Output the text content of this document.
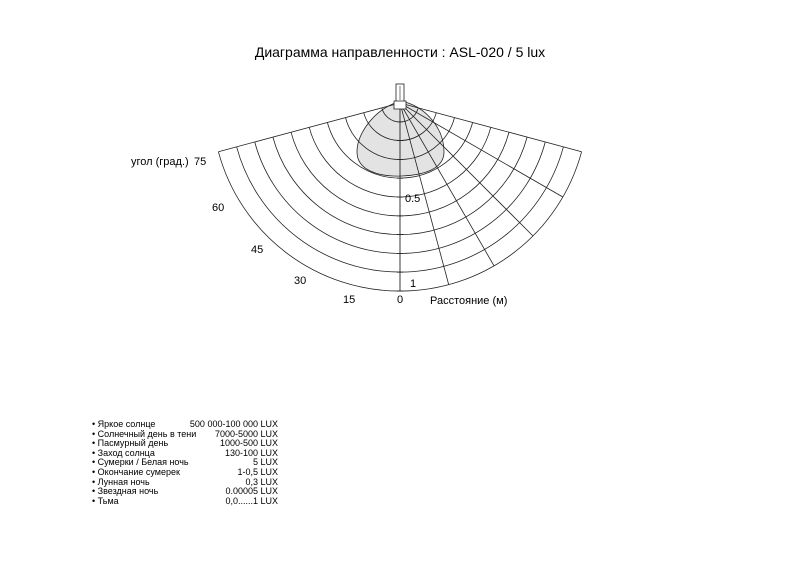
Диаграмма направленности : ASL-020 / 5 lux
угол (град.) 75
60
45
30
15	0
0.5
1
Расстояние (м)
• Яркое солнце	500 000-100 000 LUX
• Солнечный день в тени 7000-5000 LUX
• Пасмурный день	1000-500 LUX
• Заход солнца	130-100 LUX
• Сумерки / Белая ночь	5 LUX
• Окончание сумерек	1-0,5 LUX
• Лунная ночь	0,3 LUX
• Звездная ночь	0.00005 LUX
• Тьма	0,0......1 LUX
